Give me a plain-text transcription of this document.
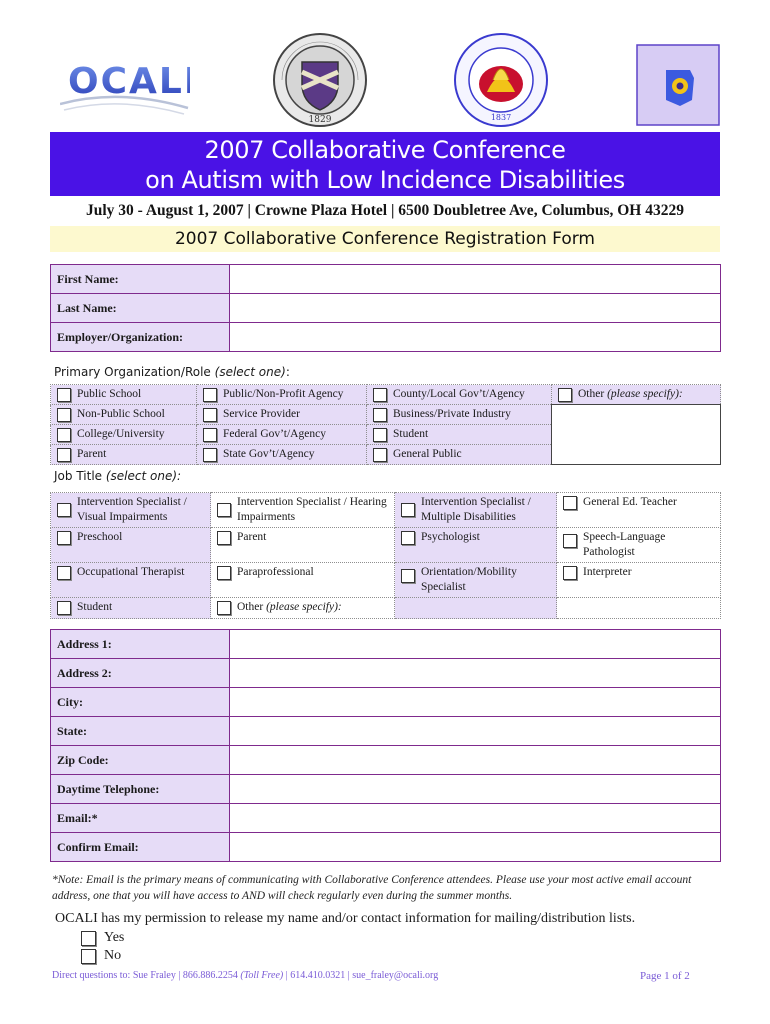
OCALI
1829	1837
2007 Collaborative Conference
on Autism with Low Incidence Disabilities
July 30 - August 1, 2007 | Crowne Plaza Hotel | 6500 Doubletree Ave, Columbus, OH 43229
2007 Collaborative Conference Registration Form
First Name:	
Last Name:	
Employer/Organization:	
Primary Organization/Role (select one):
Public School	Public/Non-Profit Agency	County/Local Gov’t/Agency	Other (please specify):

Non-Public School	Service Provider	Business/Private Industry	

College/University	Federal Gov’t/Agency	Student	

Parent	State Gov’t/Agency	General Public	
Job Title (select one):
Intervention Specialist / Visual Impairments	Intervention Specialist / Hearing Impairments	Intervention Specialist / Multiple Disabilities	General Ed. Teacher

Preschool	Parent	Psychologist	Speech-Language Pathologist

Occupational Therapist	Paraprofessional	Orientation/Mobility Specialist	Interpreter

Student	Other (please specify):		

Address 1:	
Address 2:	
City:	
State:	
Zip Code:	
Daytime Telephone:	
Email:*	
Confirm Email:	
*Note: Email is the primary means of communicating with Collaborative Conference attendees. Please use your most active email account address, one that you will have access to AND will check regularly even during the summer months.
OCALI has my permission to release my name and/or contact information for mailing/distribution lists.
Yes
No
Direct questions to: Sue Fraley | 866.886.2254 (Toll Free) | 614.410.0321 | sue_fraley@ocali.org	Page 1 of 2
